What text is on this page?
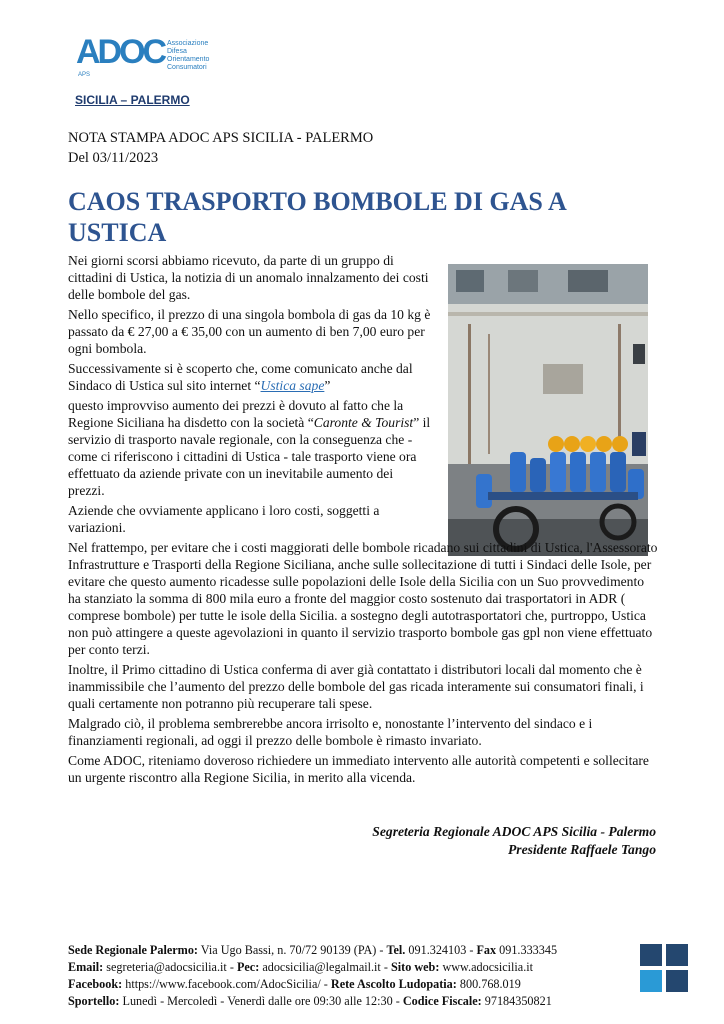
ADOC Associazione
Difesa
Orientamento
Consumatori
APS
SICILIA – PALERMO
NOTA STAMPA ADOC APS SICILIA - PALERMO
Del 03/11/2023
CAOS TRASPORTO BOMBOLE DI GAS A USTICA

Nei giorni scorsi abbiamo ricevuto, da parte di un gruppo di cittadini di Ustica, la notizia di un anomalo innalzamento dei costi delle bombole del gas.

Nello specifico, il prezzo di una singola bombola di gas da 10 kg è passato da € 27,00 a € 35,00 con un aumento di ben 7,00 euro per ogni bombola.

Successivamente si è scoperto che, come comunicato anche dal Sindaco di Ustica sul sito internet “Ustica sape”

questo improvviso aumento dei prezzi è dovuto al fatto che la Regione Siciliana ha disdetto con la società “Caronte & Tourist” il servizio di trasporto navale regionale, con la conseguenza che - come ci riferiscono i cittadini di Ustica - tale trasporto viene ora effettuato da aziende private con un inevitabile aumento dei prezzi.

Aziende che ovviamente applicano i loro costi, soggetti a variazioni.

Nel frattempo, per evitare che i costi maggiorati delle bombole ricadano sui cittadini di Ustica, l'Assessorato Infrastrutture e Trasporti della Regione Siciliana, anche sulle sollecitazione di tutti i Sindaci delle Isole, per evitare che questo aumento ricadesse sulle popolazioni delle Isole della Sicilia con un Suo provvedimento ha stanziato la somma di 800 mila euro a fronte del maggior costo sostenuto dai trasportatori in ADR ( comprese bombole) per tutte le isole della Sicilia. a sostegno degli autotrasportatori che, purtroppo, Ustica non può attingere a queste agevolazioni in quanto il servizio trasporto bombole gas gpl non viene effettuato per conto terzi.

Inoltre, il Primo cittadino di Ustica conferma di aver già contattato i distributori locali dal momento che è inammissibile che l’aumento del prezzo delle bombole del gas ricada interamente sui consumatori finali, i quali certamente non potranno più recuperare tali spese.

Malgrado ciò, il problema sembrerebbe ancora irrisolto e, nonostante l’intervento del sindaco e i finanziamenti regionali, ad oggi il prezzo delle bombole è rimasto invariato.

Come ADOC, riteniamo doveroso richiedere un immediato intervento alle autorità competenti e sollecitare un urgente riscontro alla Regione Sicilia, in merito alla vicenda.

Segreteria Regionale ADOC APS Sicilia - Palermo
Presidente Raffaele Tango
Sede Regionale Palermo: Via Ugo Bassi, n. 70/72 90139 (PA) - Tel. 091.324103 - Fax 091.333345
Email: segreteria@adocsicilia.it - Pec: adocsicilia@legalmail.it - Sito web: www.adocsicilia.it
Facebook: https://www.facebook.com/AdocSicilia/ - Rete Ascolto Ludopatia: 800.768.019
Sportello: Lunedì - Mercoledì - Venerdì dalle ore 09:30 alle 12:30 - Codice Fiscale: 97184350821
